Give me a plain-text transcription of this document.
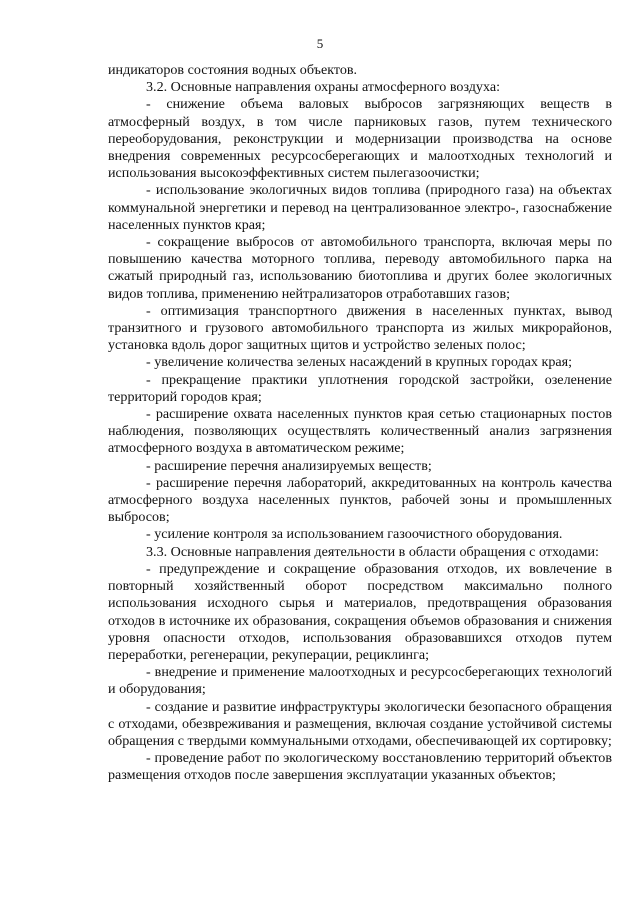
5

индикаторов состояния водных объектов.

3.2. Основные направления охраны атмосферного воздуха:

- снижение объема валовых выбросов загрязняющих веществ в атмосферный воздух, в том числе парниковых газов, путем технического переоборудования, реконструкции и модернизации производства на основе внедрения современных ресурсосберегающих и малоотходных технологий и использования высокоэффективных систем пылегазоочистки;

- использование экологичных видов топлива (природного газа) на объектах коммунальной энергетики и перевод на централизованное электро-, газоснабжение населенных пунктов края;

- сокращение выбросов от автомобильного транспорта, включая меры по повышению качества моторного топлива, переводу автомобильного парка на сжатый природный газ, использованию биотоплива и других более экологичных видов топлива, применению нейтрализаторов отработавших газов;

- оптимизация транспортного движения в населенных пунктах, вывод транзитного и грузового автомобильного транспорта из жилых микрорайонов, установка вдоль дорог защитных щитов и устройство зеленых полос;

- увеличение количества зеленых насаждений в крупных городах края;

- прекращение практики уплотнения городской застройки, озеленение территорий городов края;

- расширение охвата населенных пунктов края сетью стационарных постов наблюдения, позволяющих осуществлять количественный анализ загрязнения атмосферного воздуха в автоматическом режиме;

- расширение перечня анализируемых веществ;

- расширение перечня лабораторий, аккредитованных на контроль качества атмосферного воздуха населенных пунктов, рабочей зоны и промышленных выбросов;

- усиление контроля за использованием газоочистного оборудования.

3.3. Основные направления деятельности в области обращения с отходами:

- предупреждение и сокращение образования отходов, их вовлечение в повторный хозяйственный оборот посредством максимально полного использования исходного сырья и материалов, предотвращения образования отходов в источнике их образования, сокращения объемов образования и снижения уровня опасности отходов, использования образовавшихся отходов путем переработки, регенерации, рекуперации, рециклинга;

- внедрение и применение малоотходных и ресурсосберегающих технологий и оборудования;

- создание и развитие инфраструктуры экологически безопасного обращения с отходами, обезвреживания и размещения, включая создание устойчивой системы обращения с твердыми коммунальными отходами, обеспечивающей их сортировку;

- проведение работ по экологическому восстановлению территорий объектов размещения отходов после завершения эксплуатации указанных объектов;
